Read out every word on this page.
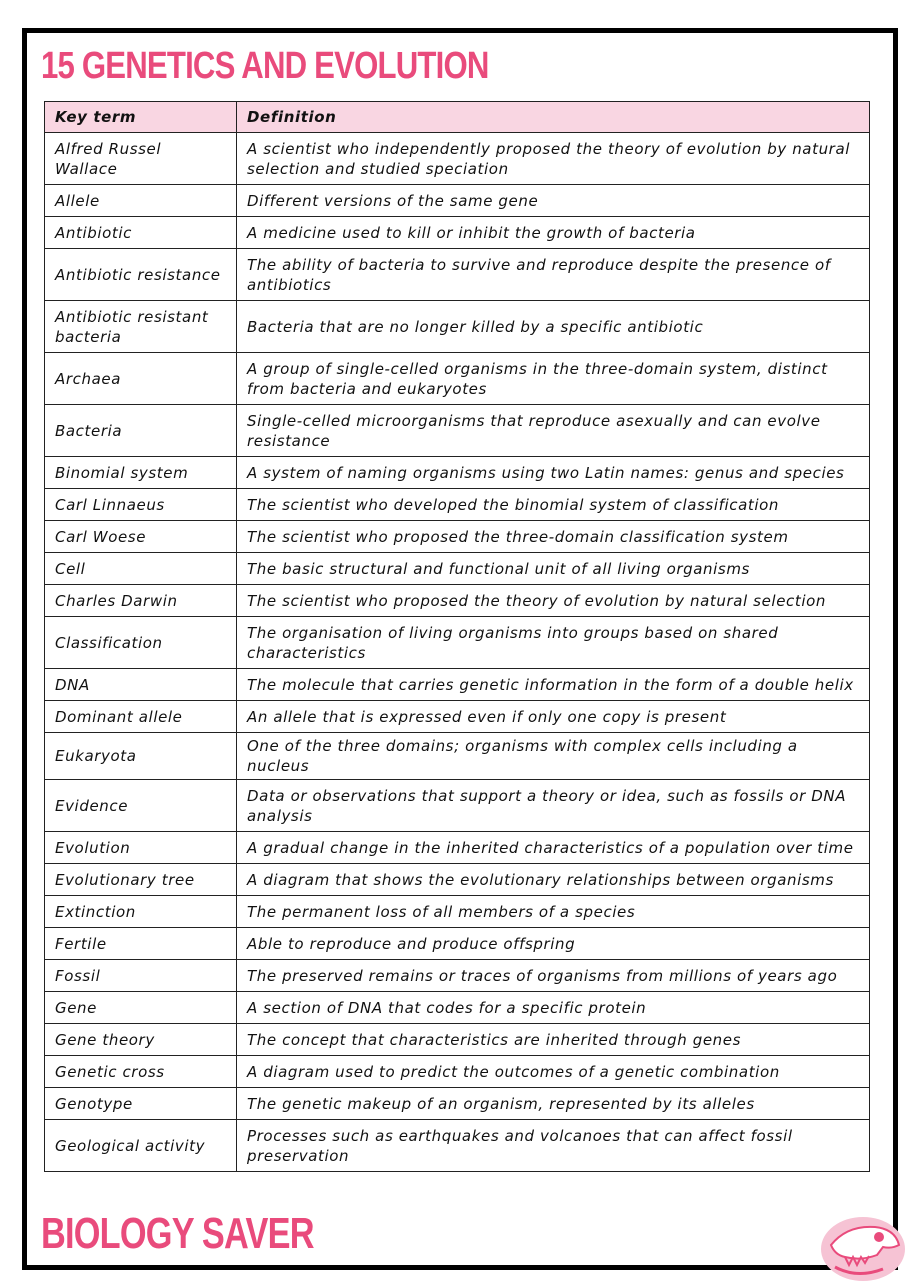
15 GENETICS AND EVOLUTION
Key term	Definition
Alfred Russel Wallace	A scientist who independently proposed the theory of evolution by natural selection and studied speciation
Allele	Different versions of the same gene
Antibiotic	A medicine used to kill or inhibit the growth of bacteria
Antibiotic resistance	The ability of bacteria to survive and reproduce despite the presence of antibiotics
Antibiotic resistant bacteria	Bacteria that are no longer killed by a specific antibiotic
Archaea	A group of single-celled organisms in the three-domain system, distinct from bacteria and eukaryotes
Bacteria	Single-celled microorganisms that reproduce asexually and can evolve resistance
Binomial system	A system of naming organisms using two Latin names: genus and species
Carl Linnaeus	The scientist who developed the binomial system of classification
Carl Woese	The scientist who proposed the three-domain classification system
Cell	The basic structural and functional unit of all living organisms
Charles Darwin	The scientist who proposed the theory of evolution by natural selection
Classification	The organisation of living organisms into groups based on shared characteristics
DNA	The molecule that carries genetic information in the form of a double helix
Dominant allele	An allele that is expressed even if only one copy is present
Eukaryota	One of the three domains; organisms with complex cells including a nucleus
Evidence	Data or observations that support a theory or idea, such as fossils or DNA analysis
Evolution	A gradual change in the inherited characteristics of a population over time
Evolutionary tree	A diagram that shows the evolutionary relationships between organisms
Extinction	The permanent loss of all members of a species
Fertile	Able to reproduce and produce offspring
Fossil	The preserved remains or traces of organisms from millions of years ago
Gene	A section of DNA that codes for a specific protein
Gene theory	The concept that characteristics are inherited through genes
Genetic cross	A diagram used to predict the outcomes of a genetic combination
Genotype	The genetic makeup of an organism, represented by its alleles
Geological activity	Processes such as earthquakes and volcanoes that can affect fossil preservation
BIOLOGY SAVER
